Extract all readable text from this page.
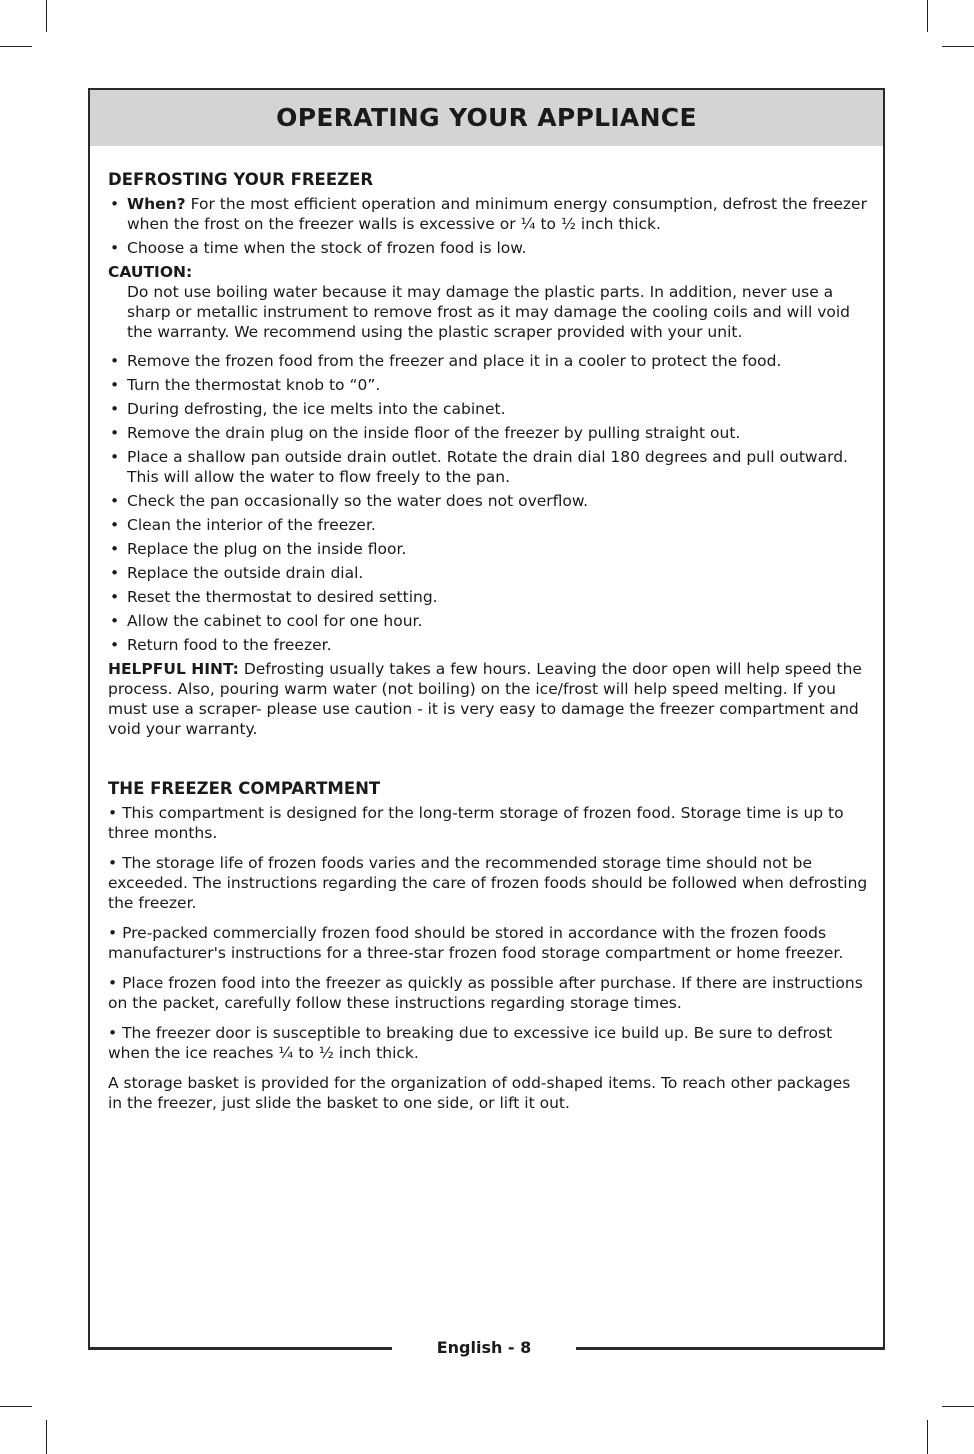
OPERATING YOUR APPLIANCE
DEFROSTING YOUR FREEZER
• When? For the most efficient operation and minimum energy consumption, defrost the freezer when the frost on the freezer walls is excessive or ¼ to ½ inch thick.
• Choose a time when the stock of frozen food is low.

CAUTION:

Do not use boiling water because it may damage the plastic parts. In addition, never use a sharp or metallic instrument to remove frost as it may damage the cooling coils and will void the warranty. We recommend using the plastic scraper provided with your unit.

• Remove the frozen food from the freezer and place it in a cooler to protect the food.
• Turn the thermostat knob to “0”.
• During defrosting, the ice melts into the cabinet.
• Remove the drain plug on the inside floor of the freezer by pulling straight out.
• Place a shallow pan outside drain outlet. Rotate the drain dial 180 degrees and pull outward. This will allow the water to flow freely to the pan.
• Check the pan occasionally so the water does not overflow.
• Clean the interior of the freezer.
• Replace the plug on the inside floor.
• Replace the outside drain dial.
• Reset the thermostat to desired setting.
• Allow the cabinet to cool for one hour.
• Return food to the freezer.

HELPFUL HINT: Defrosting usually takes a few hours. Leaving the door open will help speed the process. Also, pouring warm water (not boiling) on the ice/frost will help speed melting. If you must use a scraper- please use caution - it is very easy to damage the freezer compartment and void your warranty.

THE FREEZER COMPARTMENT

• This compartment is designed for the long-term storage of frozen food. Storage time is up to three months.

• The storage life of frozen foods varies and the recommended storage time should not be exceeded. The instructions regarding the care of frozen foods should be followed when defrosting the freezer.

• Pre-packed commercially frozen food should be stored in accordance with the frozen foods manufacturer's instructions for a three-star frozen food storage compartment or home freezer.

• Place frozen food into the freezer as quickly as possible after purchase. If there are instructions on the packet, carefully follow these instructions regarding storage times.

• The freezer door is susceptible to breaking due to excessive ice build up. Be sure to defrost when the ice reaches ¼ to ½ inch thick.

A storage basket is provided for the organization of odd-shaped items. To reach other packages in the freezer, just slide the basket to one side, or lift it out.

English - 8
